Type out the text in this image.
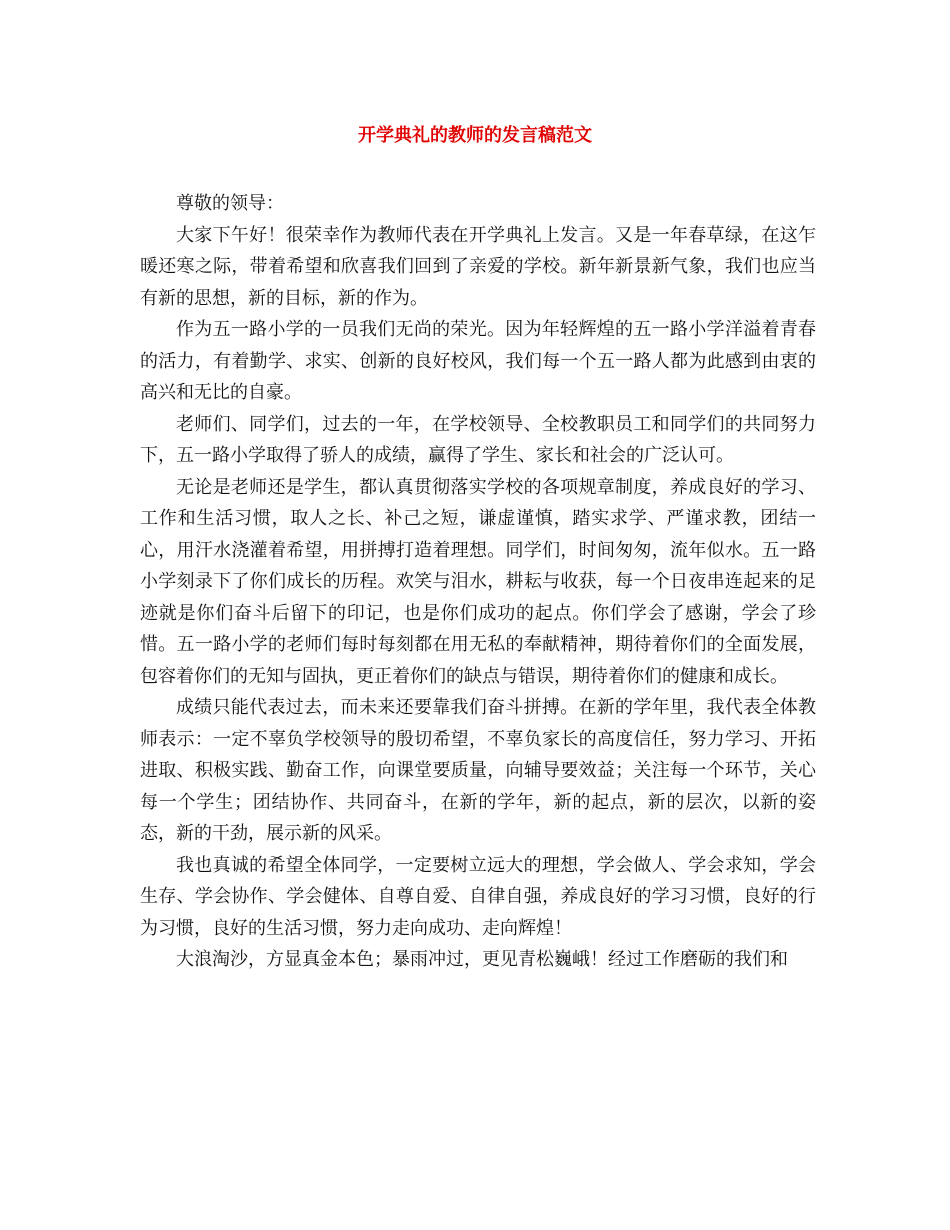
开学典礼的教师的发言稿范文

尊敬的领导：

大家下午好！很荣幸作为教师代表在开学典礼上发言。又是一年春草绿，在这乍暖还寒之际，带着希望和欣喜我们回到了亲爱的学校。新年新景新气象，我们也应当有新的思想，新的目标，新的作为。

作为五一路小学的一员我们无尚的荣光。因为年轻辉煌的五一路小学洋溢着青春的活力，有着勤学、求实、创新的良好校风，我们每一个五一路人都为此感到由衷的高兴和无比的自豪。

老师们、同学们，过去的一年，在学校领导、全校教职员工和同学们的共同努力下，五一路小学取得了骄人的成绩，赢得了学生、家长和社会的广泛认可。

无论是老师还是学生，都认真贯彻落实学校的各项规章制度，养成良好的学习、工作和生活习惯，取人之长、补己之短，谦虚谨慎，踏实求学、严谨求教，团结一心，用汗水浇灌着希望，用拼搏打造着理想。同学们，时间匆匆，流年似水。五一路小学刻录下了你们成长的历程。欢笑与泪水，耕耘与收获，每一个日夜串连起来的足迹就是你们奋斗后留下的印记，也是你们成功的起点。你们学会了感谢，学会了珍惜。五一路小学的老师们每时每刻都在用无私的奉献精神，期待着你们的全面发展，包容着你们的无知与固执，更正着你们的缺点与错误，期待着你们的健康和成长。

成绩只能代表过去，而未来还要靠我们奋斗拼搏。在新的学年里，我代表全体教师表示：一定不辜负学校领导的殷切希望，不辜负家长的高度信任，努力学习、开拓进取、积极实践、勤奋工作，向课堂要质量，向辅导要效益；关注每一个环节，关心每一个学生；团结协作、共同奋斗，在新的学年，新的起点，新的层次，以新的姿态，新的干劲，展示新的风采。

我也真诚的希望全体同学，一定要树立远大的理想，学会做人、学会求知，学会生存、学会协作、学会健体、自尊自爱、自律自强，养成良好的学习习惯，良好的行为习惯，良好的生活习惯，努力走向成功、走向辉煌！

大浪淘沙，方显真金本色；暴雨冲过，更见青松巍峨！经过工作磨砺的我们和
